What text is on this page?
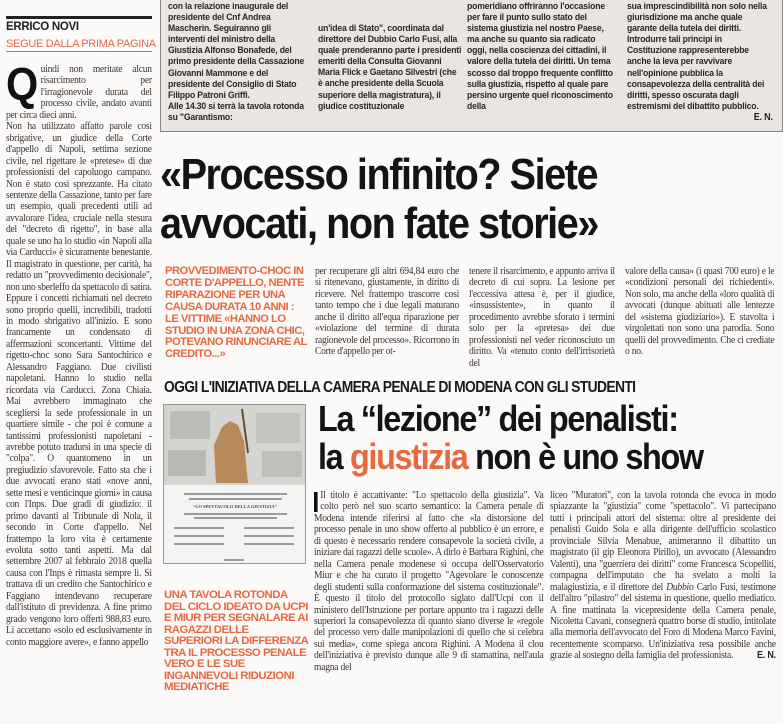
ERRICO NOVI
SEGUE DALLA PRIMA PAGINA

Quindi non meritate alcun risarcimento per l'irragionevole durata del processo civile, andato avanti per circa dieci anni.

Non ha utilizzato affatto parole così sbrigative, un giudice della Corte d'appello di Napoli, settima sezione civile, nel rigettare le «pretese» di due professionisti del capoluogo campano. Non è stato così sprezzante. Ha citato sentenze della Cassazione, tanto per fare un esempio, quali precedenti utili ad avvalorare l'idea, cruciale nella stesura del "decreto di rigetto", in base alla quale se uno ha lo studio «in Napoli alla via Carducci» è sicuramente benestante. Il magistrato in questione, per carità, ha redatto un "provvedimento decisionale", non uno sberleffo da spettacolo di satira. Eppure i concetti richiamati nel decreto sono proprio quelli, incredibili, tradotti in modo sbrigativo all'inizio. E sono francamente un condensato di affermazioni sconcertanti. Vittime del rigetto-choc sono Sara Santochirico e Alessandro Faggiano. Due civilisti napoletani. Hanno lo studio nella ricordata via Carducci. Zona Chiaia. Mai avrebbero immaginato che scegliersi la sede professionale in un quartiere simile - che poi è comune a tantissimi professionisti napoletani - avrebbe potuto tradursi in una specie di "colpa". O quantomeno in un pregiudizio sfavorevole. Fatto sta che i due avvocati erano stati «nove anni, sette mesi e venticinque giorni» in causa con l'Inps. Due gradi di giudizio: il primo davanti al Tribunale di Nola, il secondo in Corte d'appello. Nel frattempo la loro vita è certamente evoluta sotto tanti aspetti. Ma dal settembre 2007 al febbraio 2018 quella causa con l'Inps è rimasta sempre lì. Si trattava di un credito che Santochirico e Faggiano intendevano recuperare dall'istituto di previdenza. A fine primo grado vengono loro offerti 988,83 euro. Li accettano «solo ed esclusivamente in conto maggiore avere», e fanno appello

con la relazione inaugurale del presidente del Cnf Andrea Mascherin. Seguiranno gli interventi del ministro della Giustizia Alfonso Bonafede, del primo presidente della Cassazione Giovanni Mammone e del presidente del Consiglio di Stato Filippo Patroni Griffi.
Alle 14.30 si terrà la tavola rotonda su "Garantismo:
un'idea di Stato", coordinata dal direttore del Dubbio Carlo Fusi, alla quale prenderanno parte i presidenti emeriti della Consulta Giovanni Maria Flick e Gaetano Silvestri (che è anche presidente della Scuola superiore della magistratura), il giudice costituzionale
pomeridiano offriranno l'occasione per fare il punto sullo stato del sistema giustizia nel nostro Paese, ma anche su quanto sia radicato oggi, nella coscienza dei cittadini, il valore della tutela dei diritti. Un tema scosso dal troppo frequente conflitto sulla giustizia, rispetto al quale pare persino urgente quel riconoscimento della
sua imprescindibilità non solo nella giurisdizione ma anche quale garante della tutela dei diritti. Introdurre tali principi in Costituzione rappresenterebbe anche la leva per ravvivare nell'opinione pubblica la consapevolezza della centralità dei diritti, spesso oscurata dagli estremismi del dibattito pubblico.
E. N.
«Processo infinito? Siete avvocati, non fate storie»
PROVVEDIMENTO-CHOC IN CORTE D'APPELLO, NENTE RIPARAZIONE PER UNA CAUSA DURATA 10 ANNI : LE VITTIME «HANNO LO STUDIO IN UNA ZONA CHIC, POTEVANO RINUNCIARE AL CREDITO...»
per recuperare gli altri 694,84 euro che si ritenevano, giustamente, in diritto di ricevere. Nel frattempo trascorre così tanto tempo che i due legali maturano anche il diritto all'equa riparazione per «violazione del termine di durata ragionevole del processo». Ricorrono in Corte d'appello per ot-
tenere il risarcimento, e appunto arriva il decreto di cui sopra. La lesione per l'eccessiva attesa è, per il giudice, «insussistente», in quanto il procedimento avrebbe sforato i termini solo per la «pretesa» dei due professionisti nel veder riconosciuto un diritto. Va «tenuto conto dell'irrisorietà del
valore della causa» (i quasi 700 euro) e le «condizioni personali dei richiedenti». Non solo, ma anche della «loro qualità di avvocati (dunque abituati alle lentezze del «sistema giudiziario»). E stavolta i virgolettati non sono una parodia. Sono quelli del provvedimento. Che ci crediate o no.
OGGI L'INIZIATIVA DELLA CAMERA PENALE DI MODENA CON GLI STUDENTI
“LO SPETTACOLO DELLA GIUSTIZIA”
La “lezione” dei penalisti:
la giustizia non è uno show
UNA TAVOLA ROTONDA DEL CICLO IDEATO DA UCPI E MIUR PER SEGNALARE AI RAGAZZI DELLE SUPERIORI LA DIFFERENZA TRA IL PROCESSO PENALE VERO E LE SUE INGANNEVOLI RIDUZIONI MEDIATICHE
Il titolo è accattivante: "Lo spettacolo della giustizia". Va colto però nel suo scarto semantico: la Camera penale di Modena intende riferirsi al fatto che «la distorsione del processo penale in uno show offerto al pubblico è un errore, e di questo è necessario rendere consapevole la società civile, a iniziare dai ragazzi delle scuole». A dirlo è Barbara Righini, che nella Camera penale modenese si occupa dell'Osservatorio Miur e che ha curato il progetto "Agevolare le conoscenze degli studenti sulla conformazione del sistema costituzionale". È questo il titolo del protocollo siglato dall'Ucpi con il ministero dell'Istruzione per portare appunto tra i ragazzi delle superiori la consapevolezza di quanto siano diverse le «regole del processo vero dalle manipolazioni di quello che si celebra sui media», come spiega ancora Righini. A Modena il clou dell'iniziativa è previsto dunque alle 9 di stamattina, nell'aula magna del
liceo "Muratori", con la tavola rotonda che evoca in modo spiazzante la "giustizia" come "spettacolo". Vi partecipano tutti i principali attori del sistema: oltre al presidente dei penalisti Guido Sola e alla dirigente dell'ufficio scolastico provinciale Silvia Menabue, animeranno il dibattito un magistrato (il gip Eleonora Pirillo), un avvocato (Alessandro Valenti), una "guerriera dei diritti" come Francesca Scopelliti, compagna dell'imputato che ha svelato a molti la malagiustizia, e il direttore del Dubbio Carlo Fusi, testimone dell'altro "pilastro" del sistema in questione, quello mediatico. A fine mattinata la vicepresidente della Camera penale, Nicoletta Cavani, consegnerà quattro borse di studio, intitolate alla memoria dell'avvocato del Foro di Modena Marco Favini, recentemente scomparso. Un'iniziativa resa possibile anche grazie al sostegno della famiglia del professionista. E. N.
